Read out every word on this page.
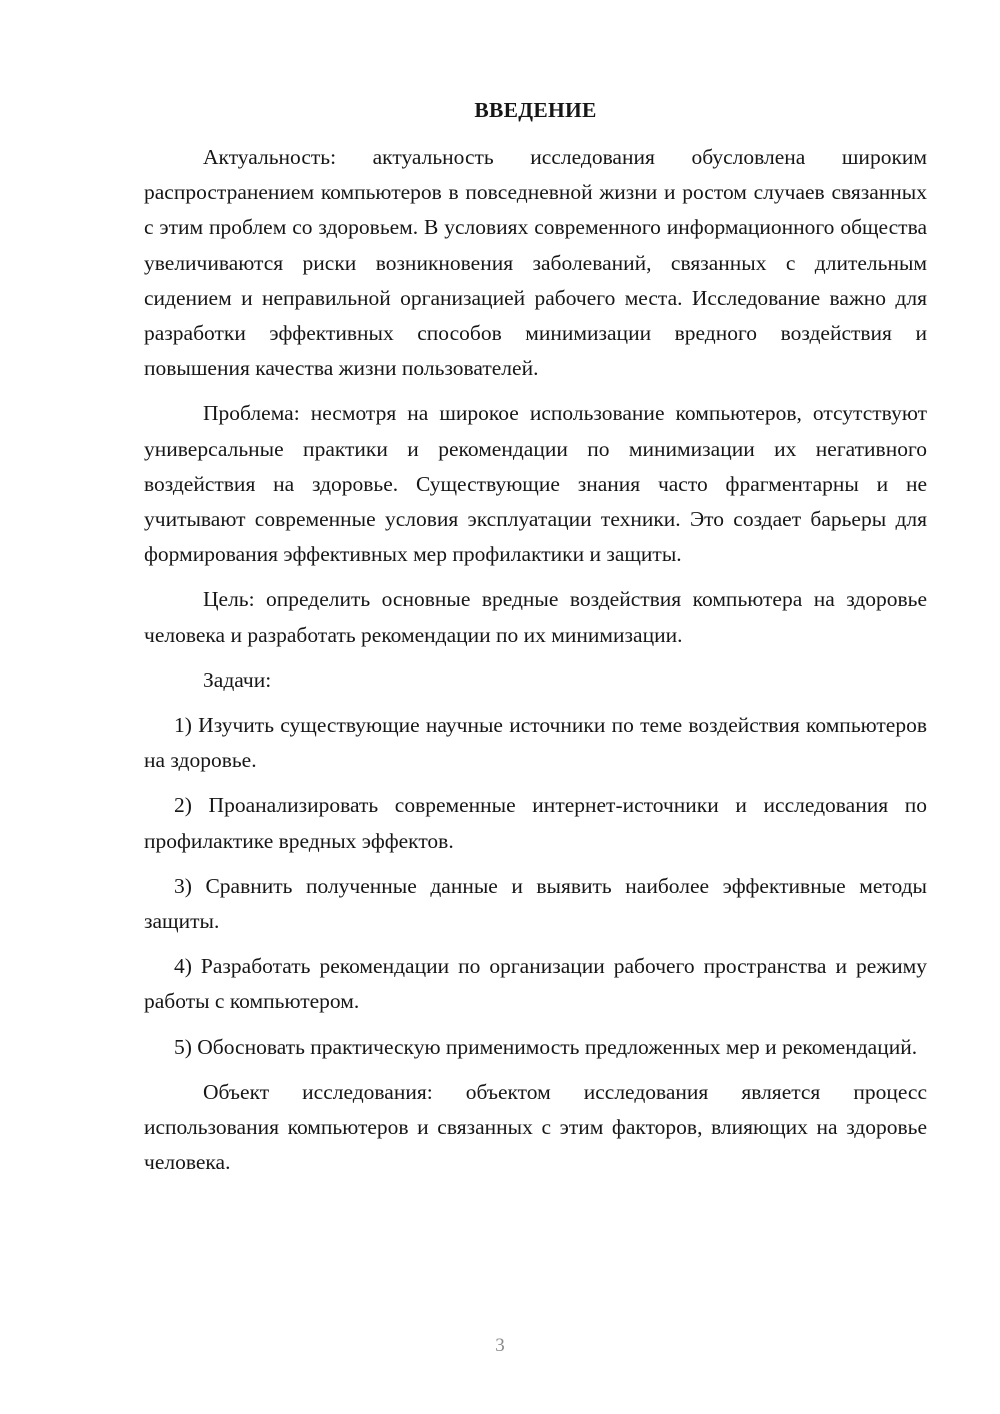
ВВЕДЕНИЕ

Актуальность: актуальность исследования обусловлена широким распространением компьютеров в повседневной жизни и ростом случаев связанных с этим проблем со здоровьем. В условиях современного информационного общества увеличиваются риски возникновения заболеваний, связанных с длительным сидением и неправильной организацией рабочего места. Исследование важно для разработки эффективных способов минимизации вредного воздействия и повышения качества жизни пользователей.

Проблема: несмотря на широкое использование компьютеров, отсутствуют универсальные практики и рекомендации по минимизации их негативного воздействия на здоровье. Существующие знания часто фрагментарны и не учитывают современные условия эксплуатации техники. Это создает барьеры для формирования эффективных мер профилактики и защиты.

Цель: определить основные вредные воздействия компьютера на здоровье человека и разработать рекомендации по их минимизации.

Задачи:

1) Изучить существующие научные источники по теме воздействия компьютеров на здоровье.

2) Проанализировать современные интернет-источники и исследования по профилактике вредных эффектов.

3) Сравнить полученные данные и выявить наиболее эффективные методы защиты.

4) Разработать рекомендации по организации рабочего пространства и режиму работы с компьютером.

5) Обосновать практическую применимость предложенных мер и рекомендаций.

Объект исследования: объектом исследования является процесс использования компьютеров и связанных с этим факторов, влияющих на здоровье человека.

3
